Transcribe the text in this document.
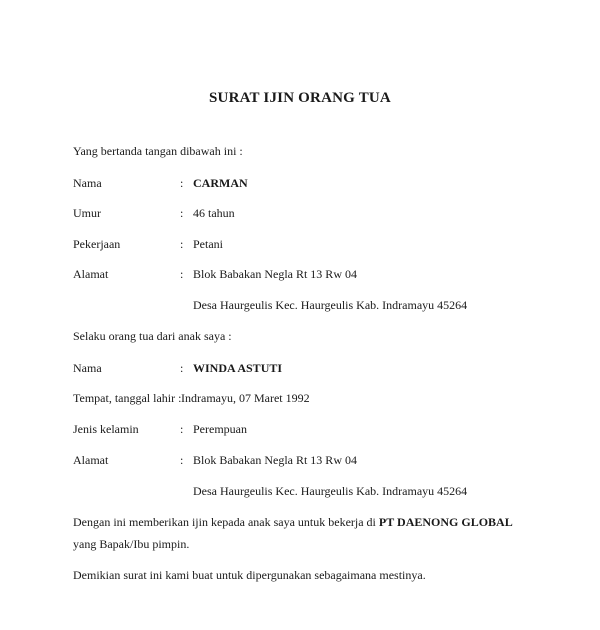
SURAT IJIN ORANG TUA
Yang bertanda tangan dibawah ini :
Nama	: CARMAN
Umur	: 46 tahun
Pekerjaan	: Petani
Alamat	: Blok Babakan Negla Rt 13 Rw 04
Desa Haurgeulis Kec. Haurgeulis Kab. Indramayu 45264
Selaku orang tua dari anak saya :
Nama	: WINDA ASTUTI
Tempat, tanggal lahir : Indramayu, 07 Maret 1992
Jenis kelamin	: Perempuan
Alamat	: Blok Babakan Negla Rt 13 Rw 04
Desa Haurgeulis Kec. Haurgeulis Kab. Indramayu 45264
Dengan ini memberikan ijin kepada anak saya untuk bekerja di PT DAENONG GLOBAL
yang Bapak/Ibu pimpin.
Demikian surat ini kami buat untuk dipergunakan sebagaimana mestinya.
